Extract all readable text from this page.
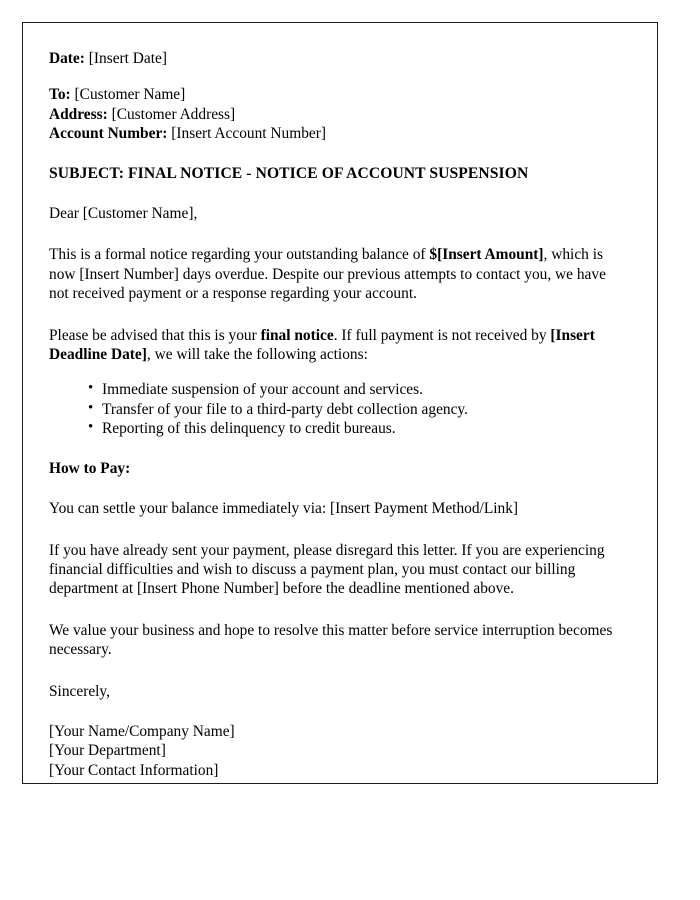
Date: [Insert Date]

To: [Customer Name]

Address: [Customer Address]

Account Number: [Insert Account Number]

SUBJECT: FINAL NOTICE - NOTICE OF ACCOUNT SUSPENSION

Dear [Customer Name],

This is a formal notice regarding your outstanding balance of $[Insert Amount], which is now [Insert Number] days overdue. Despite our previous attempts to contact you, we have not received payment or a response regarding your account.

Please be advised that this is your final notice. If full payment is not received by [Insert Deadline Date], we will take the following actions:

• Immediate suspension of your account and services.
• Transfer of your file to a third-party debt collection agency.
• Reporting of this delinquency to credit bureaus.

How to Pay:

You can settle your balance immediately via: [Insert Payment Method/Link]

If you have already sent your payment, please disregard this letter. If you are experiencing financial difficulties and wish to discuss a payment plan, you must contact our billing department at [Insert Phone Number] before the deadline mentioned above.

We value your business and hope to resolve this matter before service interruption becomes necessary.

Sincerely,

[Your Name/Company Name]

[Your Department]

[Your Contact Information]
